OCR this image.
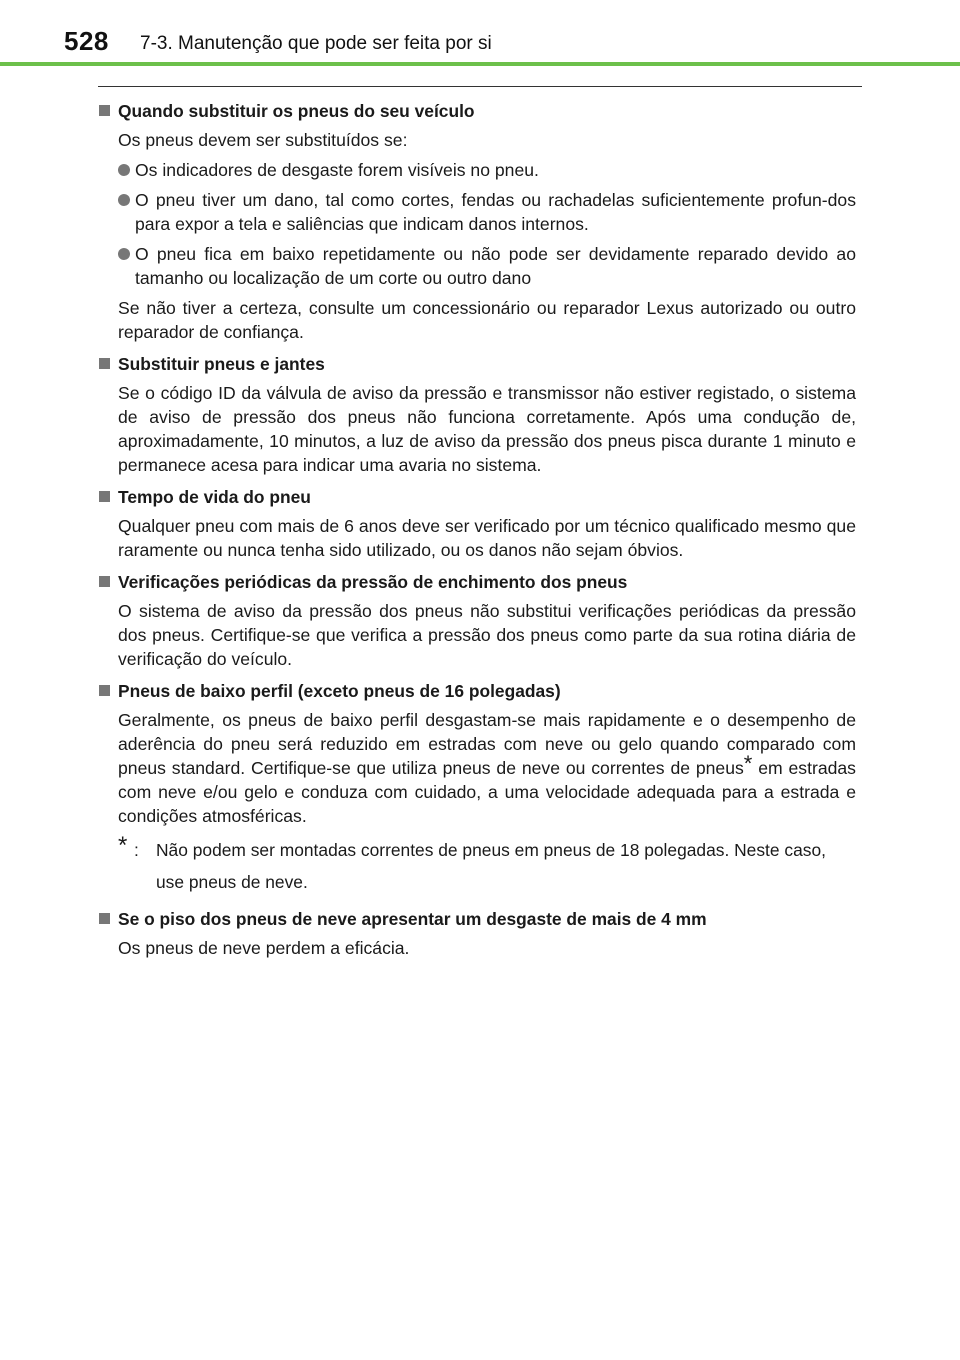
528 7-3. Manutenção que pode ser feita por si
Quando substituir os pneus do seu veículo
Os pneus devem ser substituídos se:
Os indicadores de desgaste forem visíveis no pneu.
O pneu tiver um dano, tal como cortes, fendas ou rachadelas suficientemente profun-dos para expor a tela e saliências que indicam danos internos.
O pneu fica em baixo repetidamente ou não pode ser devidamente reparado devido ao tamanho ou localização de um corte ou outro dano
Se não tiver a certeza, consulte um concessionário ou reparador Lexus autorizado ou outro reparador de confiança.
Substituir pneus e jantes
Se o código ID da válvula de aviso da pressão e transmissor não estiver registado, o sistema de aviso de pressão dos pneus não funciona corretamente. Após uma condução de, aproximadamente, 10 minutos, a luz de aviso da pressão dos pneus pisca durante 1 minuto e permanece acesa para indicar uma avaria no sistema.
Tempo de vida do pneu
Qualquer pneu com mais de 6 anos deve ser verificado por um técnico qualificado mesmo que raramente ou nunca tenha sido utilizado, ou os danos não sejam óbvios.
Verificações periódicas da pressão de enchimento dos pneus
O sistema de aviso da pressão dos pneus não substitui verificações periódicas da pressão dos pneus. Certifique-se que verifica a pressão dos pneus como parte da sua rotina diária de verificação do veículo.
Pneus de baixo perfil (exceto pneus de 16 polegadas)
Geralmente, os pneus de baixo perfil desgastam-se mais rapidamente e o desempenho de aderência do pneu será reduzido em estradas com neve ou gelo quando comparado com pneus standard. Certifique-se que utiliza pneus de neve ou correntes de pneus* em estradas com neve e/ou gelo e conduza com cuidado, a uma velocidade adequada para a estrada e condições atmosféricas.
* : Não podem ser montadas correntes de pneus em pneus de 18 polegadas. Neste caso, use pneus de neve.
Se o piso dos pneus de neve apresentar um desgaste de mais de 4 mm
Os pneus de neve perdem a eficácia.
